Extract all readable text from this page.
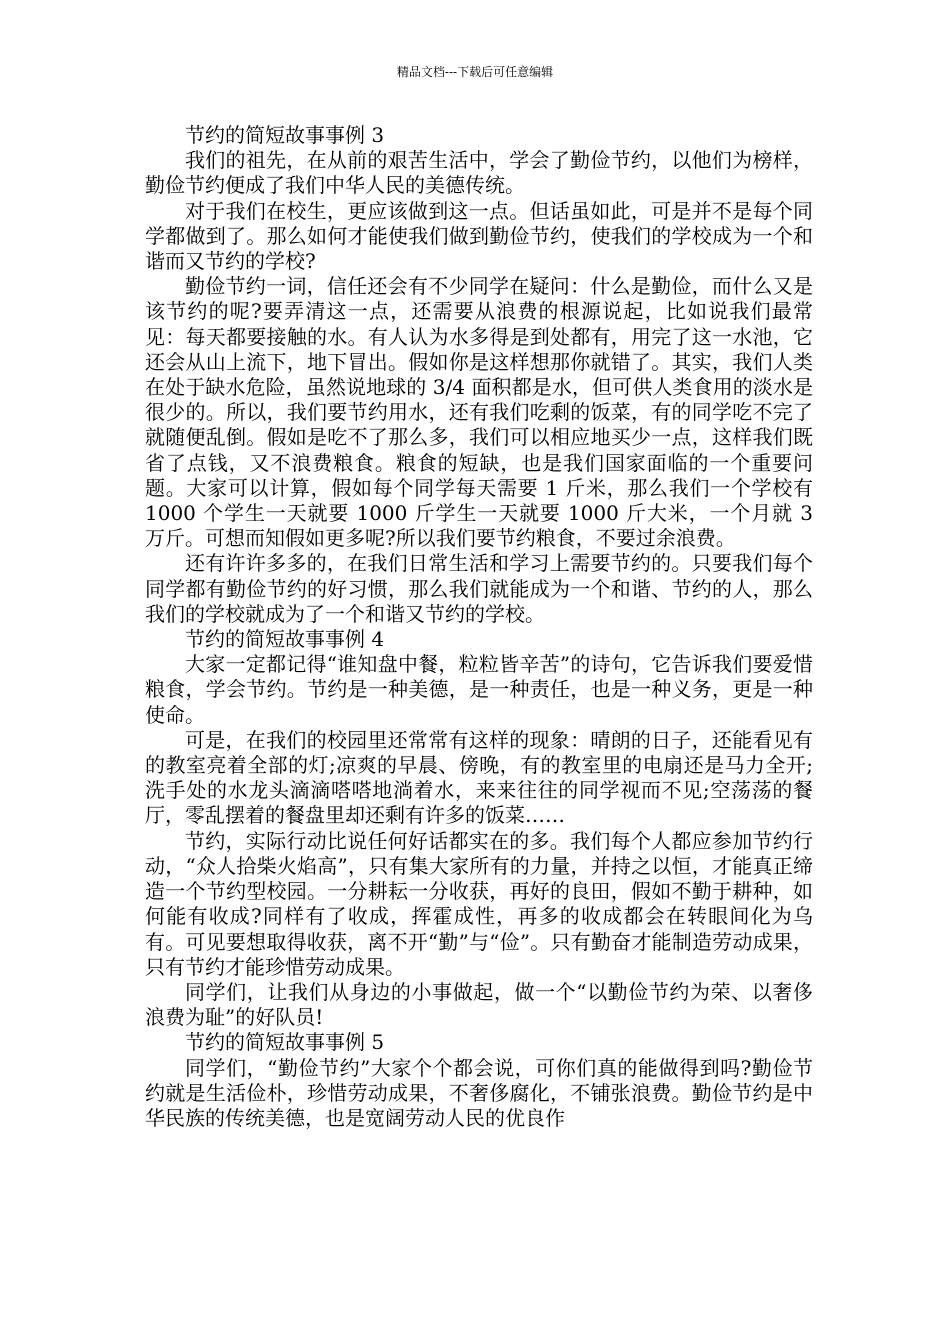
精品文档---下载后可任意编辑

节约的简短故事事例 3

我们的祖先，在从前的艰苦生活中，学会了勤俭节约，以他们为榜样，勤俭节约便成了我们中华人民的美德传统。

对于我们在校生，更应该做到这一点。但话虽如此，可是并不是每个同学都做到了。那么如何才能使我们做到勤俭节约，使我们的学校成为一个和谐而又节约的学校?

勤俭节约一词，信任还会有不少同学在疑问：什么是勤俭，而什么又是该节约的呢?要弄清这一点，还需要从浪费的根源说起，比如说我们最常见：每天都要接触的水。有人认为水多得是到处都有，用完了这一水池，它还会从山上流下，地下冒出。假如你是这样想那你就错了。其实，我们人类在处于缺水危险，虽然说地球的 3/4 面积都是水，但可供人类食用的淡水是很少的。所以，我们要节约用水，还有我们吃剩的饭菜，有的同学吃不完了就随便乱倒。假如是吃不了那么多，我们可以相应地买少一点，这样我们既省了点钱，又不浪费粮食。粮食的短缺，也是我们国家面临的一个重要问题。大家可以计算，假如每个同学每天需要 1 斤米，那么我们一个学校有 1000 个学生一天就要 1000 斤学生一天就要 1000 斤大米，一个月就 3 万斤。可想而知假如更多呢?所以我们要节约粮食，不要过余浪费。

还有许许多多的，在我们日常生活和学习上需要节约的。只要我们每个同学都有勤俭节约的好习惯，那么我们就能成为一个和谐、节约的人，那么我们的学校就成为了一个和谐又节约的学校。

节约的简短故事事例 4

大家一定都记得“谁知盘中餐，粒粒皆辛苦”的诗句，它告诉我们要爱惜粮食，学会节约。节约是一种美德，是一种责任，也是一种义务，更是一种使命。

可是，在我们的校园里还常常有这样的现象：晴朗的日子，还能看见有的教室亮着全部的灯;凉爽的早晨、傍晚，有的教室里的电扇还是马力全开;洗手处的水龙头滴滴嗒嗒地淌着水，来来往往的同学视而不见;空荡荡的餐厅，零乱摆着的餐盘里却还剩有许多的饭菜……

节约，实际行动比说任何好话都实在的多。我们每个人都应参加节约行动，“众人拾柴火焰高”，只有集大家所有的力量，并持之以恒，才能真正缔造一个节约型校园。一分耕耘一分收获，再好的良田，假如不勤于耕种，如何能有收成?同样有了收成，挥霍成性，再多的收成都会在转眼间化为乌有。可见要想取得收获，离不开“勤”与“俭”。只有勤奋才能制造劳动成果，只有节约才能珍惜劳动成果。

同学们，让我们从身边的小事做起，做一个“以勤俭节约为荣、以奢侈浪费为耻”的好队员!

节约的简短故事事例 5

同学们，“勤俭节约”大家个个都会说，可你们真的能做得到吗?勤俭节约就是生活俭朴，珍惜劳动成果，不奢侈腐化，不铺张浪费。勤俭节约是中华民族的传统美德，也是宽阔劳动人民的优良作
